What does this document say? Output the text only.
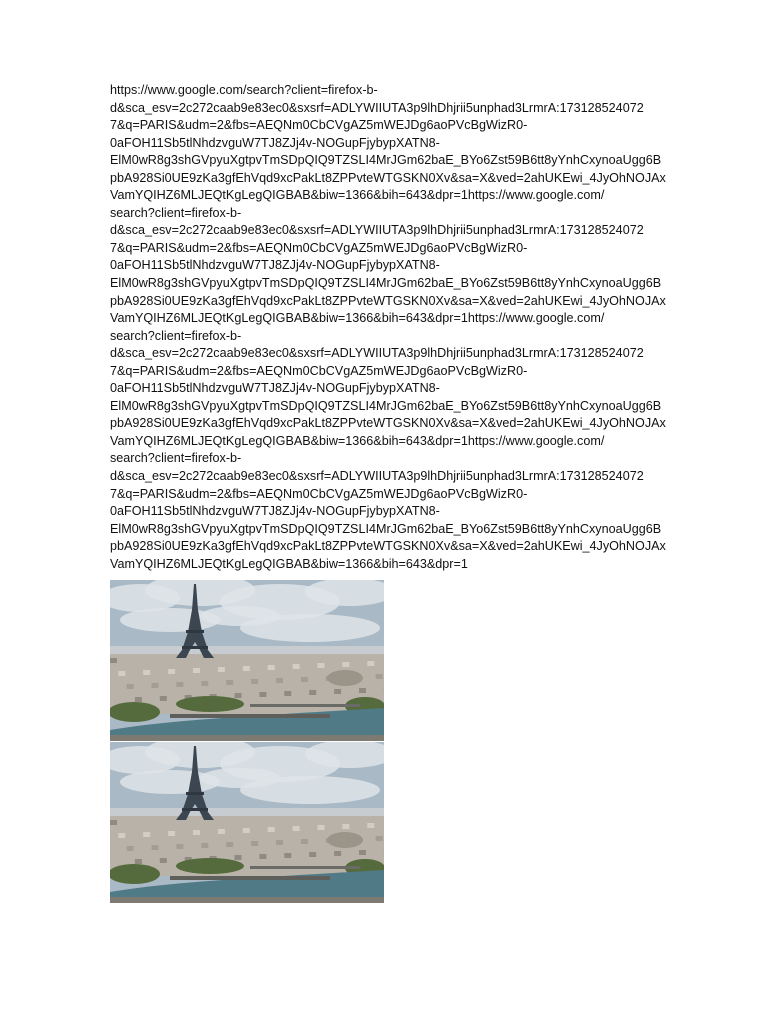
https://www.google.com/search?client=firefox-b-
d&sca_esv=2c272caab9e83ec0&sxsrf=ADLYWIIUTA3p9lhDhjrii5unphad3LrmrA:173128524072
7&q=PARIS&udm=2&fbs=AEQNm0CbCVgAZ5mWEJDg6aoPVcBgWizR0-
0aFOH11Sb5tlNhdzvguW7TJ8ZJj4v-NOGupFjybypXATN8-
ElM0wR8g3shGVpyuXgtpvTmSDpQIQ9TZSLI4MrJGm62baE_BYo6Zst59B6tt8yYnhCxynoaUgg6B
pbA928Si0UE9zKa3gfEhVqd9xcPakLt8ZPPvteWTGSKN0Xv&sa=X&ved=2ahUKEwi_4JyOhNOJAx
VamYQIHZ6MLJEQtKgLegQIGBAB&biw=1366&bih=643&dpr=1https://www.google.com/
search?client=firefox-b-
d&sca_esv=2c272caab9e83ec0&sxsrf=ADLYWIIUTA3p9lhDhjrii5unphad3LrmrA:173128524072
7&q=PARIS&udm=2&fbs=AEQNm0CbCVgAZ5mWEJDg6aoPVcBgWizR0-
0aFOH11Sb5tlNhdzvguW7TJ8ZJj4v-NOGupFjybypXATN8-
ElM0wR8g3shGVpyuXgtpvTmSDpQIQ9TZSLI4MrJGm62baE_BYo6Zst59B6tt8yYnhCxynoaUgg6B
pbA928Si0UE9zKa3gfEhVqd9xcPakLt8ZPPvteWTGSKN0Xv&sa=X&ved=2ahUKEwi_4JyOhNOJAx
VamYQIHZ6MLJEQtKgLegQIGBAB&biw=1366&bih=643&dpr=1https://www.google.com/
search?client=firefox-b-
d&sca_esv=2c272caab9e83ec0&sxsrf=ADLYWIIUTA3p9lhDhjrii5unphad3LrmrA:173128524072
7&q=PARIS&udm=2&fbs=AEQNm0CbCVgAZ5mWEJDg6aoPVcBgWizR0-
0aFOH11Sb5tlNhdzvguW7TJ8ZJj4v-NOGupFjybypXATN8-
ElM0wR8g3shGVpyuXgtpvTmSDpQIQ9TZSLI4MrJGm62baE_BYo6Zst59B6tt8yYnhCxynoaUgg6B
pbA928Si0UE9zKa3gfEhVqd9xcPakLt8ZPPvteWTGSKN0Xv&sa=X&ved=2ahUKEwi_4JyOhNOJAx
VamYQIHZ6MLJEQtKgLegQIGBAB&biw=1366&bih=643&dpr=1https://www.google.com/
search?client=firefox-b-
d&sca_esv=2c272caab9e83ec0&sxsrf=ADLYWIIUTA3p9lhDhjrii5unphad3LrmrA:173128524072
7&q=PARIS&udm=2&fbs=AEQNm0CbCVgAZ5mWEJDg6aoPVcBgWizR0-
0aFOH11Sb5tlNhdzvguW7TJ8ZJj4v-NOGupFjybypXATN8-
ElM0wR8g3shGVpyuXgtpvTmSDpQIQ9TZSLI4MrJGm62baE_BYo6Zst59B6tt8yYnhCxynoaUgg6B
pbA928Si0UE9zKa3gfEhVqd9xcPakLt8ZPPvteWTGSKN0Xv&sa=X&ved=2ahUKEwi_4JyOhNOJAx
VamYQIHZ6MLJEQtKgLegQIGBAB&biw=1366&bih=643&dpr=1
